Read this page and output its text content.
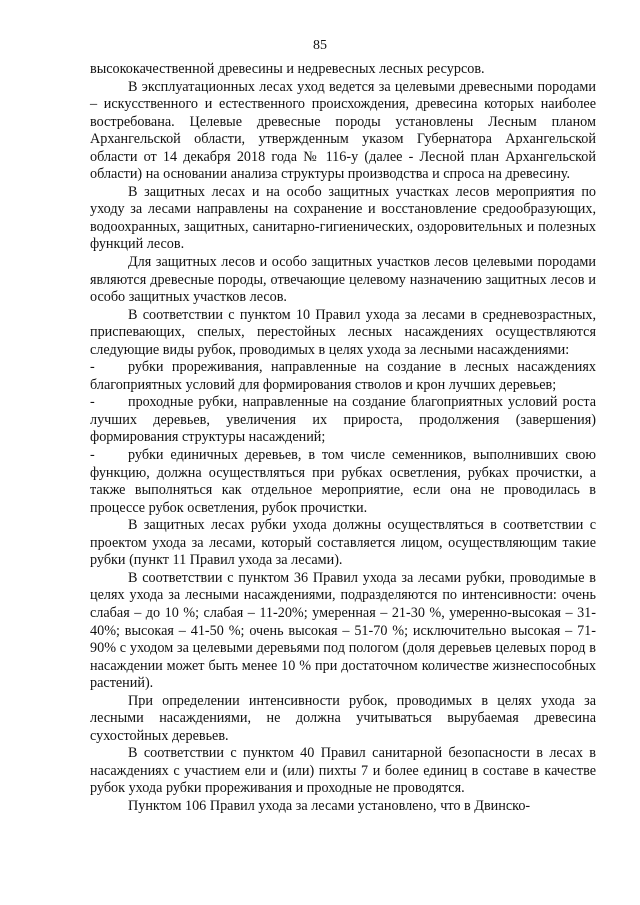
85

высококачественной древесины и недревесных лесных ресурсов.

В эксплуатационных лесах уход ведется за целевыми древесными породами – искусственного и естественного происхождения, древесина которых наиболее востребована. Целевые древесные породы установлены Лесным планом Архангельской области, утвержденным указом Губернатора Архангельской области от 14 декабря 2018 года № 116-у (далее - Лесной план Архангельской области) на основании анализа структуры производства и спроса на древесину.

В защитных лесах и на особо защитных участках лесов мероприятия по уходу за лесами направлены на сохранение и восстановление средообразующих, водоохранных, защитных, санитарно-гигиенических, оздоровительных и полезных функций лесов.

Для защитных лесов и особо защитных участков лесов целевыми породами являются древесные породы, отвечающие целевому назначению защитных лесов и особо защитных участков лесов.

В соответствии с пунктом 10 Правил ухода за лесами в средневозрастных, приспевающих, спелых, перестойных лесных насаждениях осуществляются следующие виды рубок, проводимых в целях ухода за лесными насаждениями:

- рубки прореживания, направленные на создание в лесных насаждениях благоприятных условий для формирования стволов и крон лучших деревьев;

- проходные рубки, направленные на создание благоприятных условий роста лучших деревьев, увеличения их прироста, продолжения (завершения) формирования структуры насаждений;

- рубки единичных деревьев, в том числе семенников, выполнивших свою функцию, должна осуществляться при рубках осветления, рубках прочистки, а также выполняться как отдельное мероприятие, если она не проводилась в процессе рубок осветления, рубок прочистки.

В защитных лесах рубки ухода должны осуществляться в соответствии с проектом ухода за лесами, который составляется лицом, осуществляющим такие рубки (пункт 11 Правил ухода за лесами).

В соответствии с пунктом 36 Правил ухода за лесами рубки, проводимые в целях ухода за лесными насаждениями, подразделяются по интенсивности: очень слабая – до 10 %; слабая – 11-20%; умеренная – 21-30 %, умеренно-высокая – 31-40%; высокая – 41-50 %; очень высокая – 51-70 %; исключительно высокая – 71-90% с уходом за целевыми деревьями под пологом (доля деревьев целевых пород в насаждении может быть менее 10 % при достаточном количестве жизнеспособных растений).

При определении интенсивности рубок, проводимых в целях ухода за лесными насаждениями, не должна учитываться вырубаемая древесина сухостойных деревьев.

В соответствии с пунктом 40 Правил санитарной безопасности в лесах в насаждениях с участием ели и (или) пихты 7 и более единиц в составе в качестве рубок ухода рубки прореживания и проходные не проводятся.

Пунктом 106 Правил ухода за лесами установлено, что в Двинско-
